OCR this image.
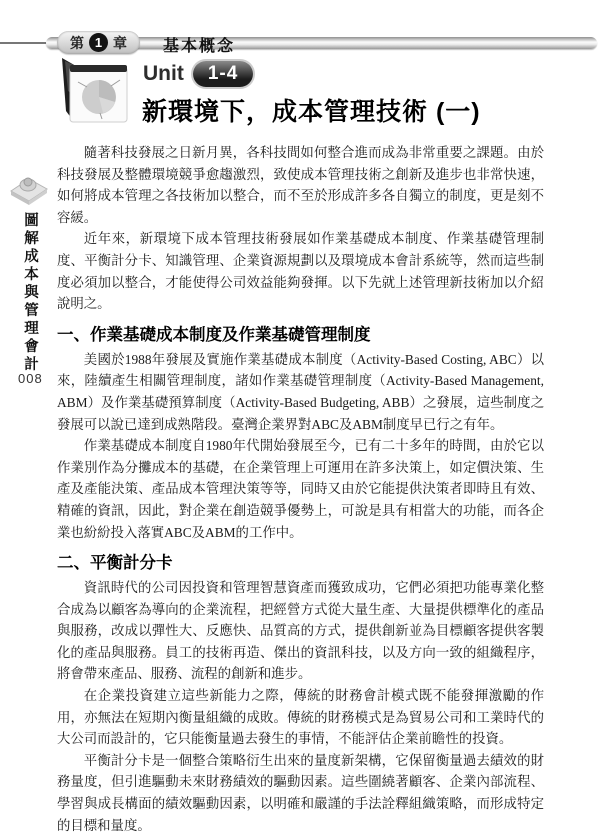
第 1 章 基本概念
Unit	1-4
新環境下，成本管理技術 (一)
圖解成本與管理會計
008

隨著科技發展之日新月異，各科技間如何整合進而成為非常重要之課題。由於科技發展及整體環境競爭愈趨激烈，致使成本管理技術之創新及進步也非常快速，如何將成本管理之各技術加以整合，而不至於形成許多各自獨立的制度，更是刻不容緩。

近年來，新環境下成本管理技術發展如作業基礎成本制度、作業基礎管理制度、平衡計分卡、知識管理、企業資源規劃以及環境成本會計系統等，然而這些制度必須加以整合，才能使得公司效益能夠發揮。以下先就上述管理新技術加以介紹說明之。

一、作業基礎成本制度及作業基礎管理制度

美國於1988年發展及實施作業基礎成本制度（Activity-Based Costing, ABC）以來，陸續產生相關管理制度，諸如作業基礎管理制度（Activity-Based Management, ABM）及作業基礎預算制度（Activity-Based Budgeting, ABB）之發展，這些制度之發展可以說已達到成熟階段。臺灣企業界對ABC及ABM制度早已行之有年。

作業基礎成本制度自1980年代開始發展至今，已有二十多年的時間，由於它以作業別作為分攤成本的基礎，在企業管理上可運用在許多決策上，如定價決策、生產及產能決策、產品成本管理決策等等，同時又由於它能提供決策者即時且有效、精確的資訊，因此，對企業在創造競爭優勢上，可說是具有相當大的功能，而各企業也紛紛投入落實ABC及ABM的工作中。

二、平衡計分卡

資訊時代的公司因投資和管理智慧資產而獲致成功，它們必須把功能專業化整合成為以顧客為導向的企業流程，把經營方式從大量生產、大量提供標準化的產品與服務，改成以彈性大、反應快、品質高的方式，提供創新並為目標顧客提供客製化的產品與服務。員工的技術再造、傑出的資訊科技，以及方向一致的組織程序，將會帶來產品、服務、流程的創新和進步。

在企業投資建立這些新能力之際，傳統的財務會計模式既不能發揮激勵的作用，亦無法在短期內衡量組織的成敗。傳統的財務模式是為貿易公司和工業時代的大公司而設計的，它只能衡量過去發生的事情，不能評估企業前瞻性的投資。

平衡計分卡是一個整合策略衍生出來的量度新架構，它保留衡量過去績效的財務量度，但引進驅動未來財務績效的驅動因素。這些圍繞著顧客、企業內部流程、學習與成長構面的績效驅動因素，以明確和嚴謹的手法詮釋組織策略，而形成特定的目標和量度。
